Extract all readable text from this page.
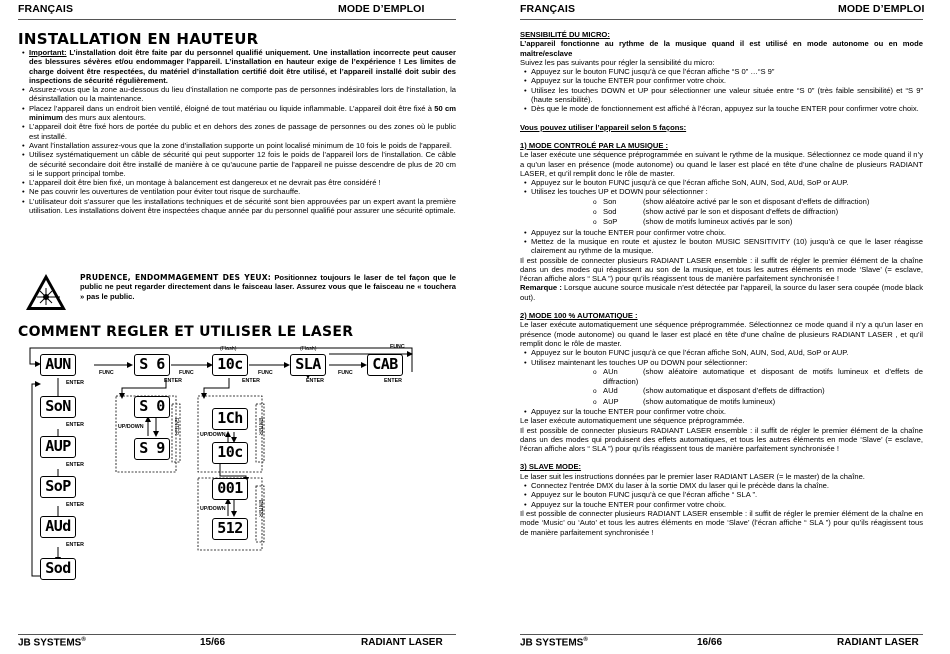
FRANÇAIS	MODE D’EMPLOI
INSTALLATION EN HAUTEUR

• Important: L’installation doit être faite par du personnel qualifié uniquement. Une installation incorrecte peut causer des blessures sévères et/ou endommager l’appareil. L’installation en hauteur exige de l’expérience ! Les limites de charge doivent être respectées, du matériel d’installation certifié doit être utilisé, et l’appareil installé doit subir des inspections de sécurité régulièrement.

• Assurez-vous que la zone au-dessous du lieu d’installation ne comporte pas de personnes indésirables lors de l’installation, la désinstallation ou la maintenance.

• Placez l’appareil dans un endroit bien ventilé, éloigné de tout matériau ou liquide inflammable. L’appareil doit être fixé à 50 cm minimum des murs aux alentours.

• L’appareil doit être fixé hors de portée du public et en dehors des zones de passage de personnes ou des zones où le public est installé.

• Avant l’installation assurez-vous que la zone d’installation supporte un point localisé minimum de 10 fois le poids de l’appareil.

• Utilisez systématiquement un câble de sécurité qui peut supporter 12 fois le poids de l’appareil lors de l’installation. Ce câble de sécurité secondaire doit être installé de manière à ce qu’aucune partie de l’appareil ne puisse descendre de plus de 20 cm si le support principal tombe.

• L’appareil doit être bien fixé, un montage à balancement est dangereux et ne devrait pas être considéré !

• Ne pas couvrir les ouvertures de ventilation pour éviter tout risque de surchauffe.

• L’utilisateur doit s’assurer que les installations techniques et de sécurité sont bien approuvées par un expert avant la première utilisation. Les installations doivent être inspectées chaque année par du personnel qualifié pour assurer une sécurité optimale.

PRUDENCE, ENDOMMAGEMENT DES YEUX: Positionnez toujours le laser de tel façon que le public ne peut regarder directement dans le faisceau laser. Assurez vous que le faisceau ne « touchera » pas le public.
COMMENT REGLER ET UTILISER LE LASER
AUN
ENTER
SoN
ENTER
AUP
ENTER
SoP
ENTER
AUd
ENTER
Sod
FUNC	S 6
ENTER
S 0
UP/DOWN
S 9
ENTER
(Flash)
FUNC	10c
ENTER
1Ch
UP/DOWN
10c
ENTER
001
UP/DOWN
512
ENTER
(Flash)
FUNC	SLA
ENTER
FUNC	CAB
ENTER
FUNC
JB SYSTEMS®	15/66	RADIANT LASER
FRANÇAIS	MODE D’EMPLOI

SENSIBILITÉ DU MICRO:

L’appareil fonctionne au rythme de la musique quand il est utilisé en mode autonome ou en mode maître/esclave

Suivez les pas suivants pour régler la sensibilité du micro:

• Appuyez sur le bouton FUNC jusqu’à ce que l’écran affiche “S 0” …“S 9”

• Appuyez sur la touche ENTER pour confirmer votre choix.

• Utilisez les touches DOWN et UP pour sélectionner une valeur située entre “S 0” (très faible sensibilité) et “S 9” (haute sensibilité).

• Dès que le mode de fonctionnement est affiché à l’écran, appuyez sur la touche ENTER pour confirmer votre choix.

Vous pouvez utiliser l’appareil selon 5 façons:

1) MODE CONTROLÉ PAR LA MUSIQUE :

Le laser exécute une séquence préprogrammée en suivant le rythme de la musique. Sélectionnez ce mode quand il n’y a qu’un laser en présence (mode autonome) ou quand le laser est placé en tête d’une chaîne de plusieurs RADIANT LASER, et qu’il remplit donc le rôle de master.

• Appuyez sur le bouton FUNC jusqu’à ce que l’écran affiche SoN, AUN, Sod, AUd, SoP or AUP.

• Utilisez les touches UP et DOWN pour sélectionner :

o Son	(show aléatoire activé par le son et disposant d’effets de diffraction)

o Sod	(show activé par le son et disposant d’effets de diffraction)

o SoP	(show de motifs lumineux activés par le son)

• Appuyez sur la touche ENTER pour confirmer votre choix.

• Mettez de la musique en route et ajustez le bouton MUSIC SENSITIVITY (10) jusqu’à ce que le laser réagisse clairement au rythme de la musique.

Il est possible de connecter plusieurs RADIANT LASER ensemble : il suffit de régler le premier élément de la chaîne dans un des modes qui réagissent au son de la musique, et tous les autres éléments en mode ‘Slave’ (= esclave, l’écran affiche alors “ SLA ”) pour qu’ils réagissent tous de manière parfaitement synchronisée !

Remarque : Lorsque aucune source musicale n’est détectée par l’appareil, la source du laser sera coupée (mode black out).

2) MODE 100 % AUTOMATIQUE :

Le laser exécute automatiquement une séquence préprogrammée. Sélectionnez ce mode quand il n’y a qu’un laser en présence (mode autonome) ou quand le laser est placé en tête d’une chaîne de plusieurs RADIANT LASER , et qu’il remplit donc le rôle de master.

• Appuyez sur le bouton FUNC jusqu’à ce que l’écran affiche SoN, AUN, Sod, AUd, SoP or AUP.

• Utilisez maintenant les touches UP ou DOWN pour sélectionner:

o AUn	(show aléatoire automatique et disposant de motifs lumineux et d’effets de diffraction)

o AUd	(show automatique et disposant d’effets de diffraction)

o AUP	(show automatique de motifs lumineux)

• Appuyez sur la touche ENTER pour confirmer votre choix.

Le laser exécute automatiquement une séquence préprogrammée.

Il est possible de connecter plusieurs RADIANT LASER ensemble : il suffit de régler le premier élément de la chaîne dans un des modes qui produisent des effets automatiques, et tous les autres éléments en mode ‘Slave’ (= esclave, l’écran affiche alors “ SLA ”) pour qu’ils réagissent tous de manière parfaitement synchronisée !

3) SLAVE MODE:

Le laser suit les instructions données par le premier laser RADIANT LASER (= le master) de la chaîne.

• Connectez l’entrée DMX du laser à la sortie DMX du laser qui le précède dans la chaîne.

• Appuyez sur le bouton FUNC jusqu’à ce que l’écran affiche “ SLA ”.

• Appuyez sur la touche ENTER pour confirmer votre choix.

Il est possible de connecter plusieurs RADIANT LASER ensemble : il suffit de régler le premier élément de la chaîne en mode ‘Music’ ou ‘Auto’ et tous les autres éléments en mode ‘Slave’ (l’écran affiche “ SLA ”) pour qu’ils réagissent tous de manière parfaitement synchronisée !

JB SYSTEMS®	16/66	RADIANT LASER
